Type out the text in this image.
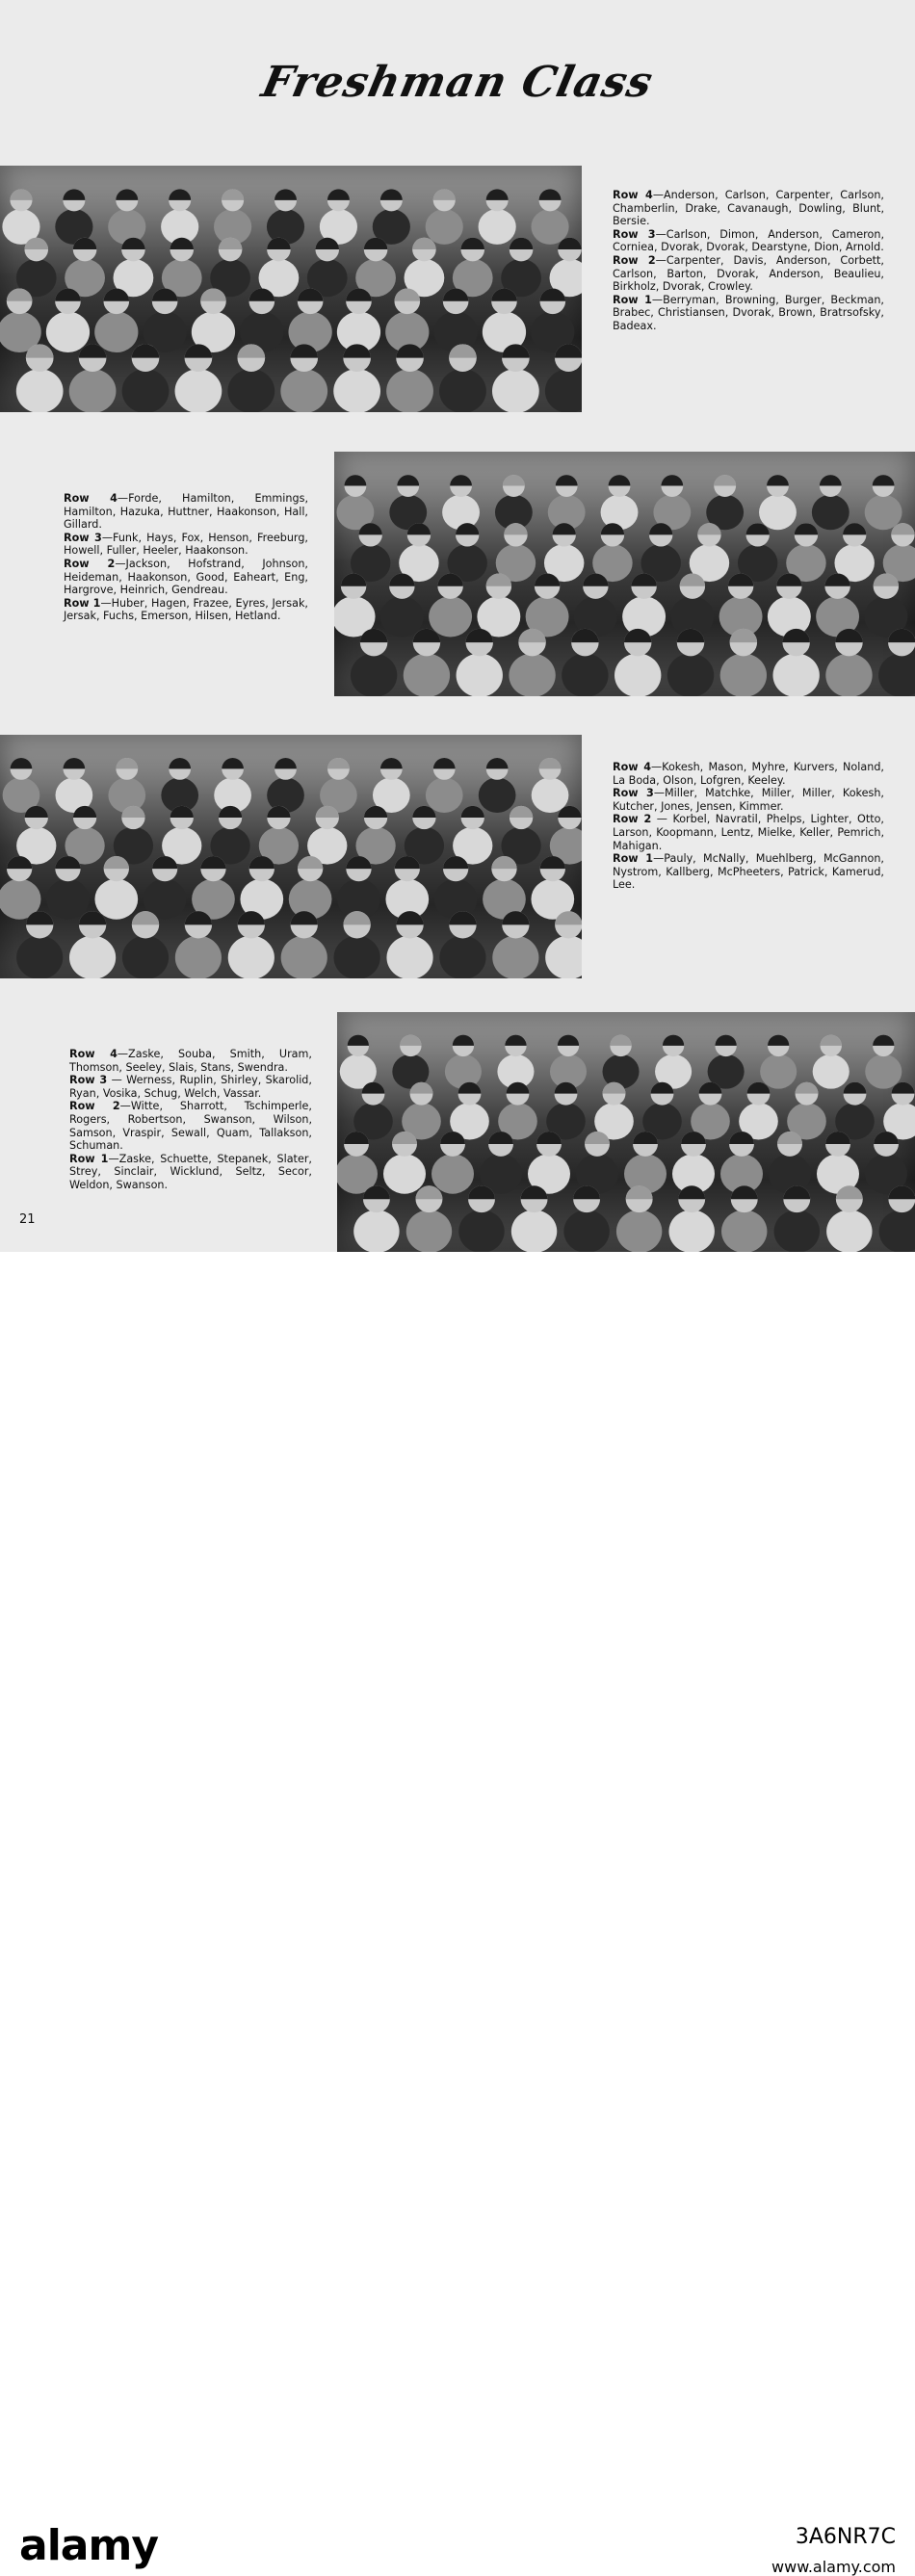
Freshman Class

Row 4—Anderson, Carlson, Carpenter, Carlson, Chamberlin, Drake, Cavanaugh, Dowling, Blunt, Bersie.

Row 3—Carlson, Dimon, Anderson, Cameron, Corniea, Dvorak, Dvorak, Dearstyne, Dion, Arnold.

Row 2—Carpenter, Davis, Anderson, Corbett, Carlson, Barton, Dvorak, Anderson, Beaulieu, Birkholz, Dvorak, Crowley.

Row 1—Berryman, Browning, Burger, Beckman, Brabec, Christiansen, Dvorak, Brown, Bratrsofsky, Badeax.

Row 4—Forde, Hamilton, Emmings, Hamilton, Hazuka, Huttner, Haakonson, Hall, Gillard.

Row 3—Funk, Hays, Fox, Henson, Freeburg, Howell, Fuller, Heeler, Haakonson.

Row 2—Jackson, Hofstrand, Johnson, Heideman, Haakonson, Good, Eaheart, Eng, Hargrove, Heinrich, Gendreau.

Row 1—Huber, Hagen, Frazee, Eyres, Jersak, Jersak, Fuchs, Emerson, Hilsen, Hetland.

Row 4—Kokesh, Mason, Myhre, Kurvers, Noland, La Boda, Olson, Lofgren, Keeley.

Row 3—Miller, Matchke, Miller, Miller, Kokesh, Kutcher, Jones, Jensen, Kimmer.

Row 2 — Korbel, Navratil, Phelps, Lighter, Otto, Larson, Koopmann, Lentz, Mielke, Keller, Pemrich, Mahigan.

Row 1—Pauly, McNally, Muehlberg, McGannon, Nystrom, Kallberg, McPheeters, Patrick, Kamerud, Lee.

Row 4—Zaske, Souba, Smith, Uram, Thomson, Seeley, Slais, Stans, Swendra.

Row 3 — Werness, Ruplin, Shirley, Skarolid, Ryan, Vosika, Schug, Welch, Vassar.

Row 2—Witte, Sharrott, Tschimperle, Rogers, Robertson, Swanson, Wilson, Samson, Vraspir, Sewall, Quam, Tallakson, Schuman.

Row 1—Zaske, Schuette, Stepanek, Slater, Strey, Sinclair, Wicklund, Seltz, Secor, Weldon, Swanson.

21
alamy	3A6NR7C
www.alamy.com
